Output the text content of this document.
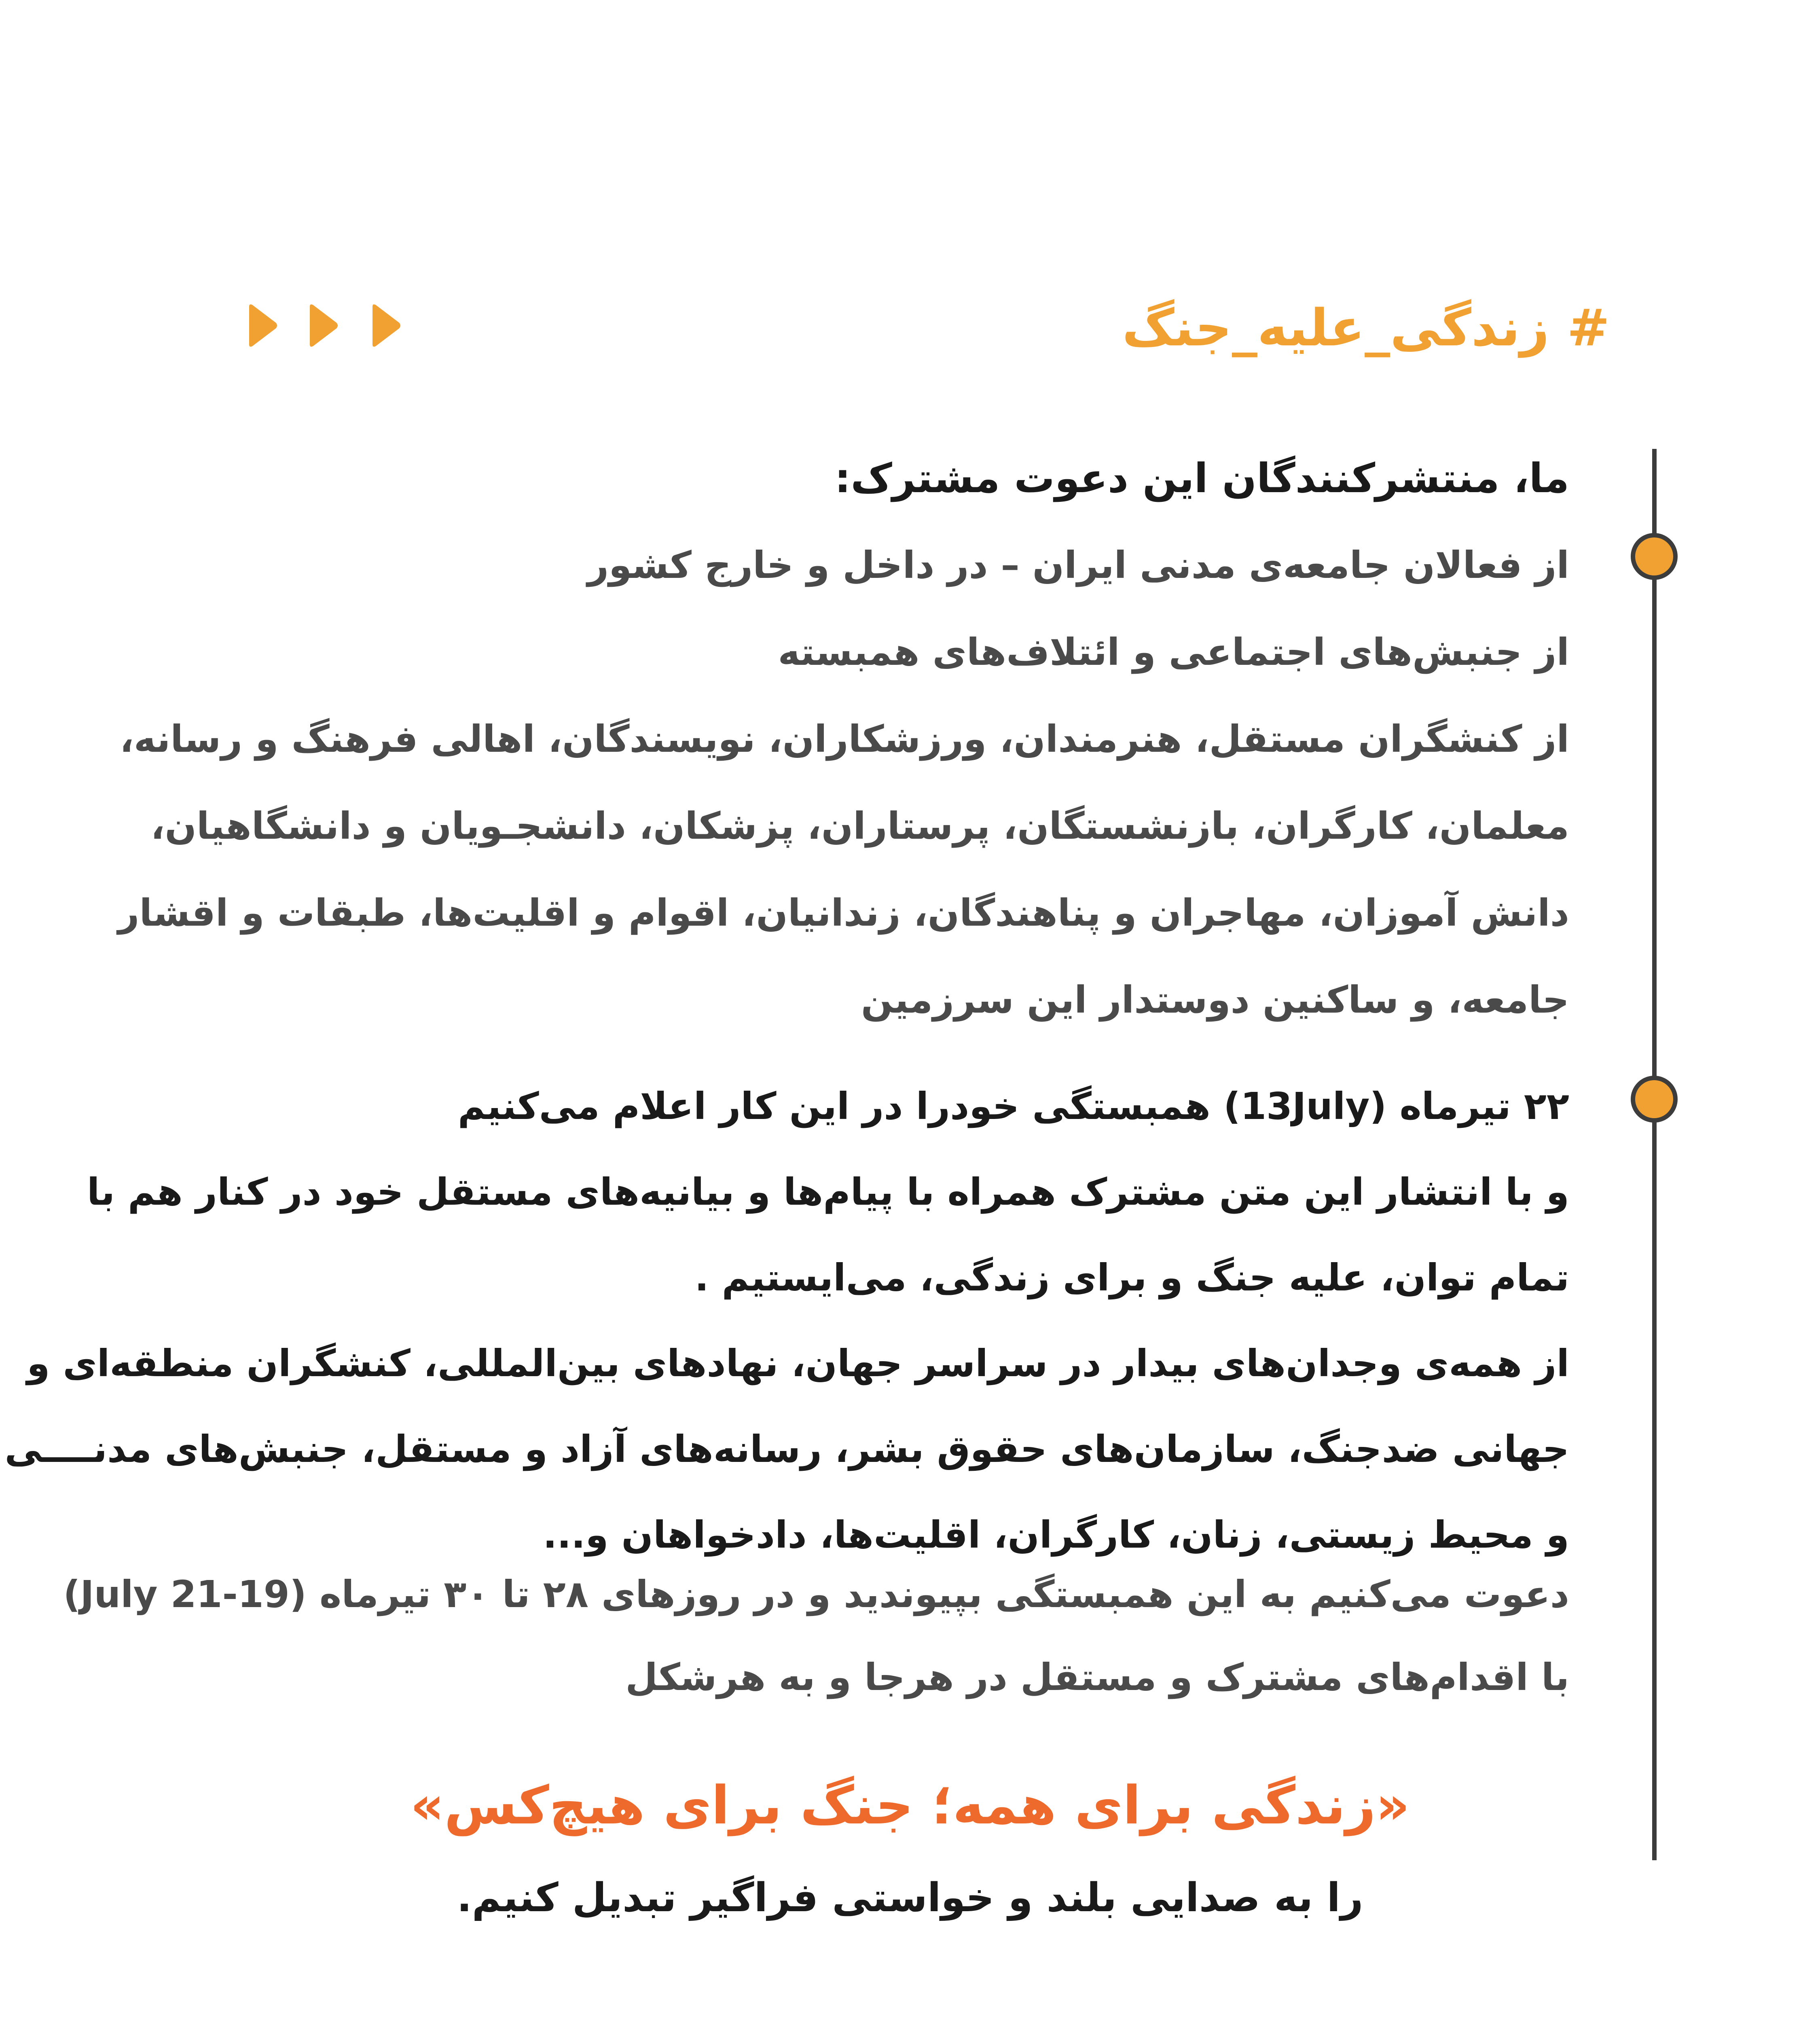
# زندگی_علیه_جنگ
ما، منتشرکنندگان این دعوت مشترک:
از فعالان جامعه‌ی مدنی ایران – در داخل و خارج کشور
از جنبش‌های اجتماعی و ائتلاف‌های همبسته
از کنشگران مستقل، هنرمندان، ورزشکاران، نویسندگان، اهالی فرهنگ و رسانه،
معلمان، کارگران، بازنشستگان، پرستاران، پزشکان، دانشجـویان و دانشگاهیان،
دانش آموزان، مهاجران و پناهندگان، زندانیان، اقوام و اقلیت‌ها، طبقات و اقشار
جامعه، و ساکنین دوستدار این سرزمین
۲۲ تیرماه (13July) همبستگی خودرا در این کار اعلام می‌کنیم
و با انتشار این متن مشترک همراه با پیام‌ها و بیانیه‌های مستقل خود در کنار هم با
تمام توان، علیه جنگ و برای زندگی، می‌ایستیم .
از همه‌ی وجدان‌های بیدار در سراسر جهان، نهادهای بین‌المللی، کنشگران منطقه‌ای و
جهانی ضدجنگ، سازمان‌های حقوق بشر، رسانه‌های آزاد و مستقل، جنبش‌های مدنــــی
و محیط زیستی، زنان، کارگران، اقلیت‌ها، دادخواهان و...
دعوت می‌کنیم به این همبستگی بپیوندید و در روزهای ۲۸ تا ۳۰ تیرماه (19-21 July)
با اقدام‌های مشترک و مستقل در هرجا و به هرشکل
«زندگی برای همه؛ جنگ برای هیچ‌کس»
را به صدایی بلند و خواستی فراگیر تبدیل کنیم.
